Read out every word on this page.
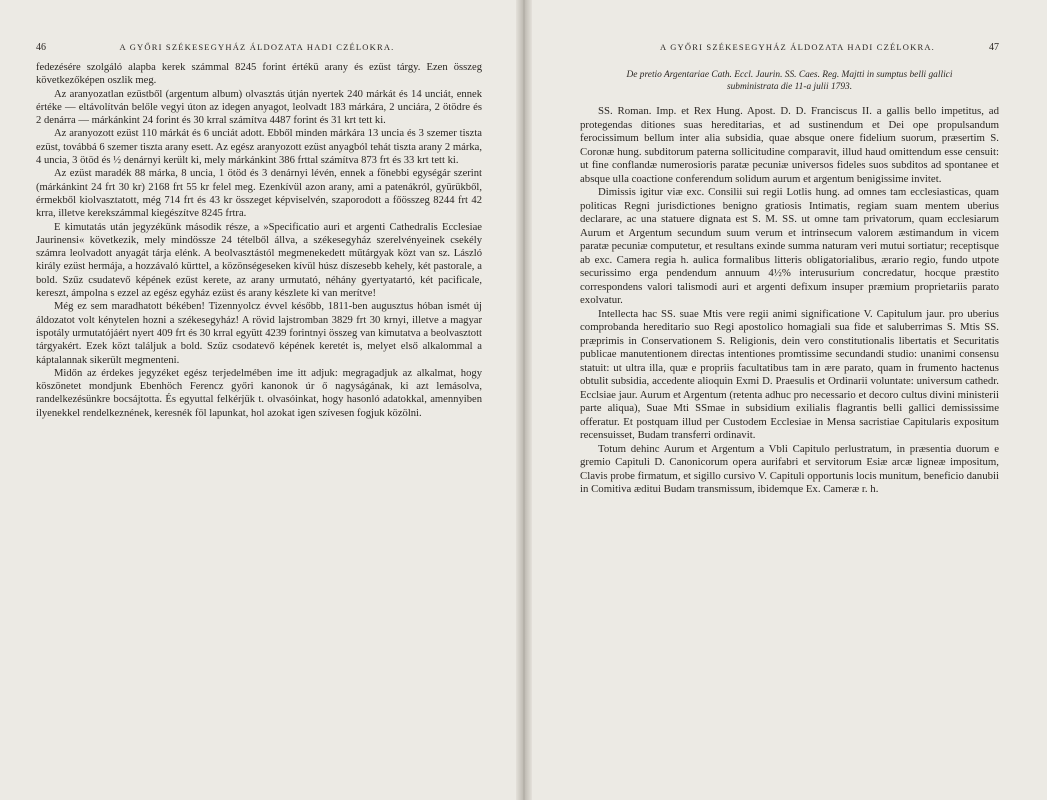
46	A GYŐRI SZÉKESEGYHÁZ ÁLDOZATA HADI CZÉLOKRA.

fedezésére szolgáló alapba kerek számmal 8245 forint értékü arany és ezüst tárgy. Ezen összeg következőképen oszlik meg.

Az aranyozatlan ezüstből (argentum album) olvasztás útján nyertek 240 márkát és 14 unciát, ennek értéke — eltávolítván belőle vegyi úton az idegen anyagot, leolvadt 183 márkára, 2 unciára, 2 ötödre és 2 denárra — márkánkint 24 forint és 30 krral számítva 4487 forint és 31 krt tett ki.

Az aranyozott ezüst 110 márkát és 6 unciát adott. Ebből minden márkára 13 uncia és 3 szemer tiszta ezüst, továbbá 6 szemer tiszta arany esett. Az egész aranyozott ezüst anyagból tehát tiszta arany 2 márka, 4 uncia, 3 ötöd és ½ denárnyi került ki, mely márkánkint 386 frttal számítva 873 frt és 33 krt tett ki.

Az ezüst maradék 88 márka, 8 uncia, 1 ötöd és 3 denárnyi lévén, ennek a fönebbi egységár szerint (márkánkint 24 frt 30 kr) 2168 frt 55 kr felel meg. Ezenkívül azon arany, ami a patenákról, gyürükből, érmekből kiolvasztatott, még 714 frt és 43 kr összeget képviselvén, szaporodott a főösszeg 8244 frt 42 krra, illetve kerekszámmal kiegészítve 8245 frtra.

E kimutatás után jegyzékünk második része, a »Specificatio auri et argenti Cathedralis Ecclesiae Jaurinensi« következik, mely mindössze 24 tételből állva, a székesegyház szerelvényeinek csekély számra leolvadott anyagát tárja elénk. A beolvasztástól megmenekedett műtárgyak közt van sz. László király ezüst hermája, a hozzávaló kürttel, a közönségeseken kívül húsz díszesebb kehely, két pastorale, a bold. Szűz csudatevő képének ezüst kerete, az arany urmutató, néhány gyertyatartó, két pacificale, kereszt, ámpolna s ezzel az egész egyház ezüst és arany készlete ki van merítve!

Még ez sem maradhatott békében! Tizennyolcz évvel később, 1811-ben augusztus hóban ismét új áldozatot volt kénytelen hozni a székesegyház! A rövid lajstromban 3829 frt 30 krnyi, illetve a magyar ispotály urmutatójáért nyert 409 frt és 30 krral együtt 4239 forintnyi összeg van kimutatva a beolvasztott tárgyakért. Ezek közt találjuk a bold. Szűz csodatevő képének keretét is, melyet első alkalommal a káptalannak sikerült megmenteni.

Midőn az érdekes jegyzéket egész terjedelmében ime itt adjuk: megragadjuk az alkalmat, hogy köszönetet mondjunk Ebenhöch Ferencz győri kanonok úr ő nagyságának, ki azt lemásolva, randelkezésünkre bocsájtotta. És egyuttal felkérjük t. olvasóinkat, hogy hasonló adatokkal, amennyiben ilyenekkel rendelkeznének, keresnék föl lapunkat, hol azokat igen szívesen fogjuk közölni.

A GYŐRI SZÉKESEGYHÁZ ÁLDOZATA HADI CZÉLOKRA.	47
De pretio Argentariae Cath. Eccl. Jaurin. SS. Caes. Reg. Majtti in sumptus belli gallici subministrata die 11-a julii 1793.

SS. Roman. Imp. et Rex Hung. Apost. D. D. Franciscus II. a gallis bello impetitus, ad protegendas ditiones suas hereditarias, et ad sustinendum et Dei ope propulsandum ferocissimum bellum inter alia subsidia, quae absque onere fidelium suorum, præsertim S. Coronæ hung. subditorum paterna sollicitudine comparavit, illud haud omittendum esse censuit: ut fine conflandæ numerosioris paratæ pecuniæ universos fideles suos subditos ad spontanee et absque ulla coactione conferendum solidum aurum et argentum benigissime invitet.

Dimissis igitur viæ exc. Consilii sui regii Lotlis hung. ad omnes tam ecclesiasticas, quam politicas Regni jurisdictiones benigno gratiosis Intimatis, regiam suam mentem uberius declarare, ac una statuere dignata est S. M. SS. ut omne tam privatorum, quam ecclesiarum Aurum et Argentum secundum suum verum et intrinsecum valorem æstimandum in vicem paratæ pecuniæ computetur, et resultans exinde summa naturam veri mutui sortiatur; receptisque ab exc. Camera regia h. aulica formalibus litteris obligatorialibus, ærario regio, fundo utpote securissimo erga pendendum annuum 4½% interusurium concredatur, hocque præstito correspondens valori talismodi auri et argenti defixum insuper præmium proprietariis parato exolvatur.

Intellecta hac SS. suae Mtis vere regii animi significatione V. Capitulum jaur. pro uberius comprobanda hereditario suo Regi apostolico homagiali sua fide et saluberrimas S. Mtis SS. præprimis in Conservationem S. Religionis, dein vero constitutionalis libertatis et Securitatis publicae manutentionem directas intentiones promtissime secundandi studio: unanimi consensu statuit: ut ultra illa, quæ e propriis facultatibus tam in ære parato, quam in frumento hactenus obtulit subsidia, accedente alioquin Exmi D. Praesulis et Ordinarii voluntate: universum cathedr. Ecclsiae jaur. Aurum et Argentum (retenta adhuc pro necessario et decoro cultus divini ministerii parte aliqua), Suae Mti SSmae in subsidium exilialis flagrantis belli gallici demississime offeratur. Et postquam illud per Custodem Ecclesiae in Mensa sacristiae Capitularis expositum recensuisset, Budam transferri ordinavit.

Totum dehinc Aurum et Argentum a Vbli Capitulo perlustratum, in præsentia duorum e gremio Capituli D. Canonicorum opera aurifabri et servitorum Esiæ arcæ ligneæ impositum, Clavis probe firmatum, et sigillo cursivo V. Capituli opportunis locis munitum, beneficio danubii in Comitiva æditui Budam transmissum, ibidemque Ex. Cameræ r. h.
